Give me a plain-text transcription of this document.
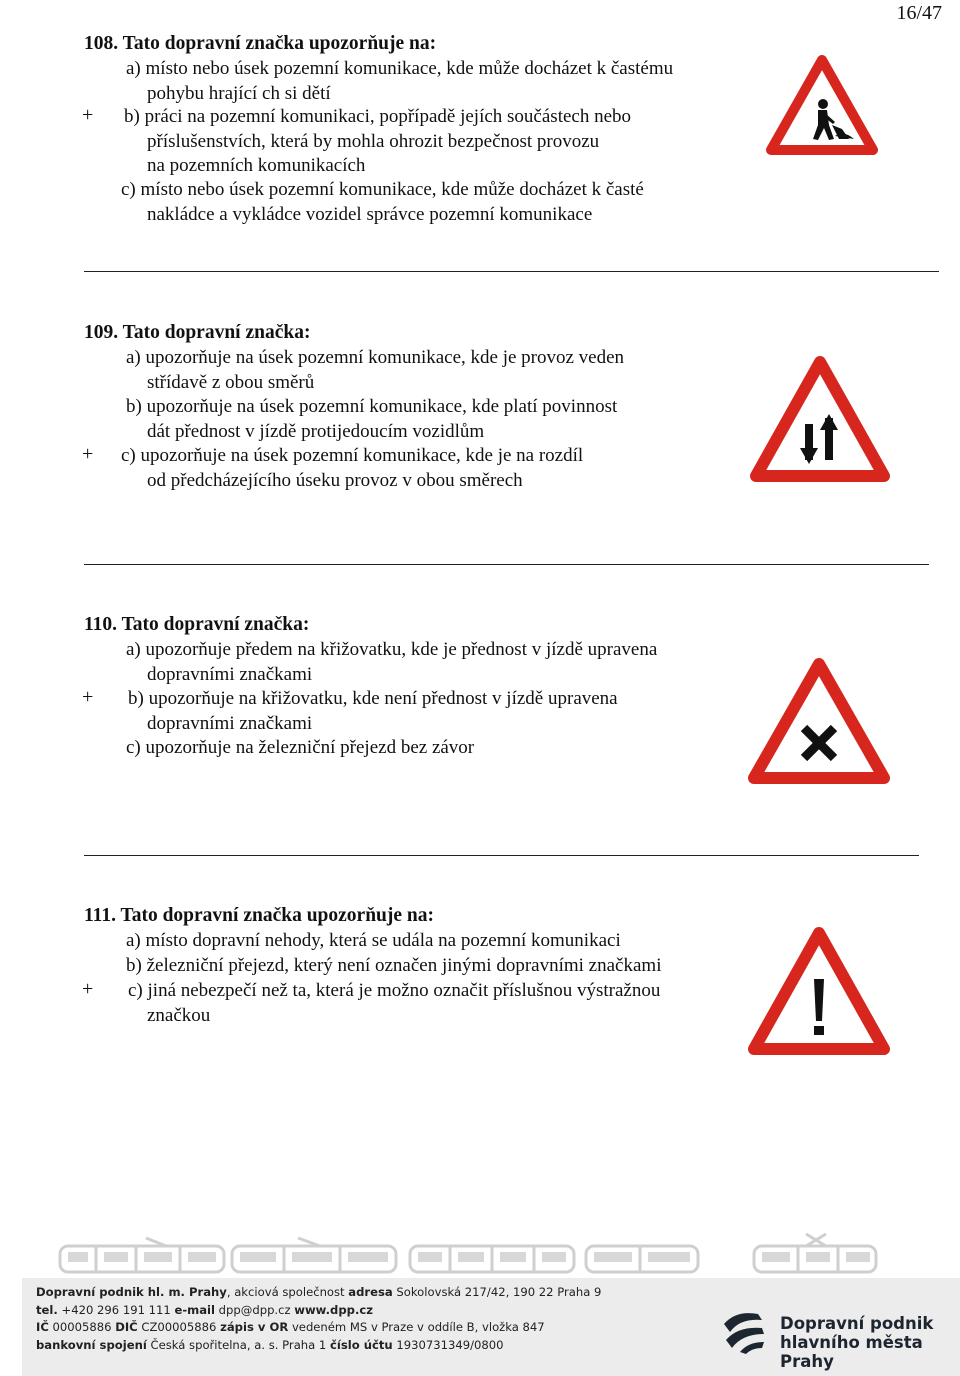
16/47
108. Tato dopravní značka upozorňuje na:
a) místo nebo úsek pozemní komunikace, kde může docházet k častému
pohybu hrající ch si dětí
+ b) práci na pozemní komunikaci, popřípadě jejích součástech nebo
příslušenstvích, která by mohla ohrozit bezpečnost provozu
na pozemních komunikacích
c) místo nebo úsek pozemní komunikace, kde může docházet k časté
nakládce a vykládce vozidel správce pozemní komunikace
109. Tato dopravní značka:
a) upozorňuje na úsek pozemní komunikace, kde je provoz veden
střídavě z obou směrů
b) upozorňuje na úsek pozemní komunikace, kde platí povinnost
dát přednost v jízdě protijedoucím vozidlům
+ c) upozorňuje na úsek pozemní komunikace, kde je na rozdíl
od předcházejícího úseku provoz v obou směrech
110. Tato dopravní značka:
a) upozorňuje předem na křižovatku, kde je přednost v jízdě upravena
dopravními značkami
+ b) upozorňuje na křižovatku, kde není přednost v jízdě upravena
dopravními značkami
c) upozorňuje na železniční přejezd bez závor
111. Tato dopravní značka upozorňuje na:
a) místo dopravní nehody, která se udála na pozemní komunikaci
b) železniční přejezd, který není označen jinými dopravními značkami
+ c) jiná nebezpečí než ta, která je možno označit příslušnou výstražnou
značkou
Dopravní podnik hl. m. Prahy, akciová společnost adresa Sokolovská 217/42, 190 22 Praha 9
tel. +420 296 191 111 e-mail dpp@dpp.cz www.dpp.cz
IČ 00005886 DIČ CZ00005886 zápis v OR vedeném MS v Praze v oddíle B, vložka 847
bankovní spojení Česká spořitelna, a. s. Praha 1 číslo účtu 1930731349/0800
Dopravní podnik
hlavního města Prahy
